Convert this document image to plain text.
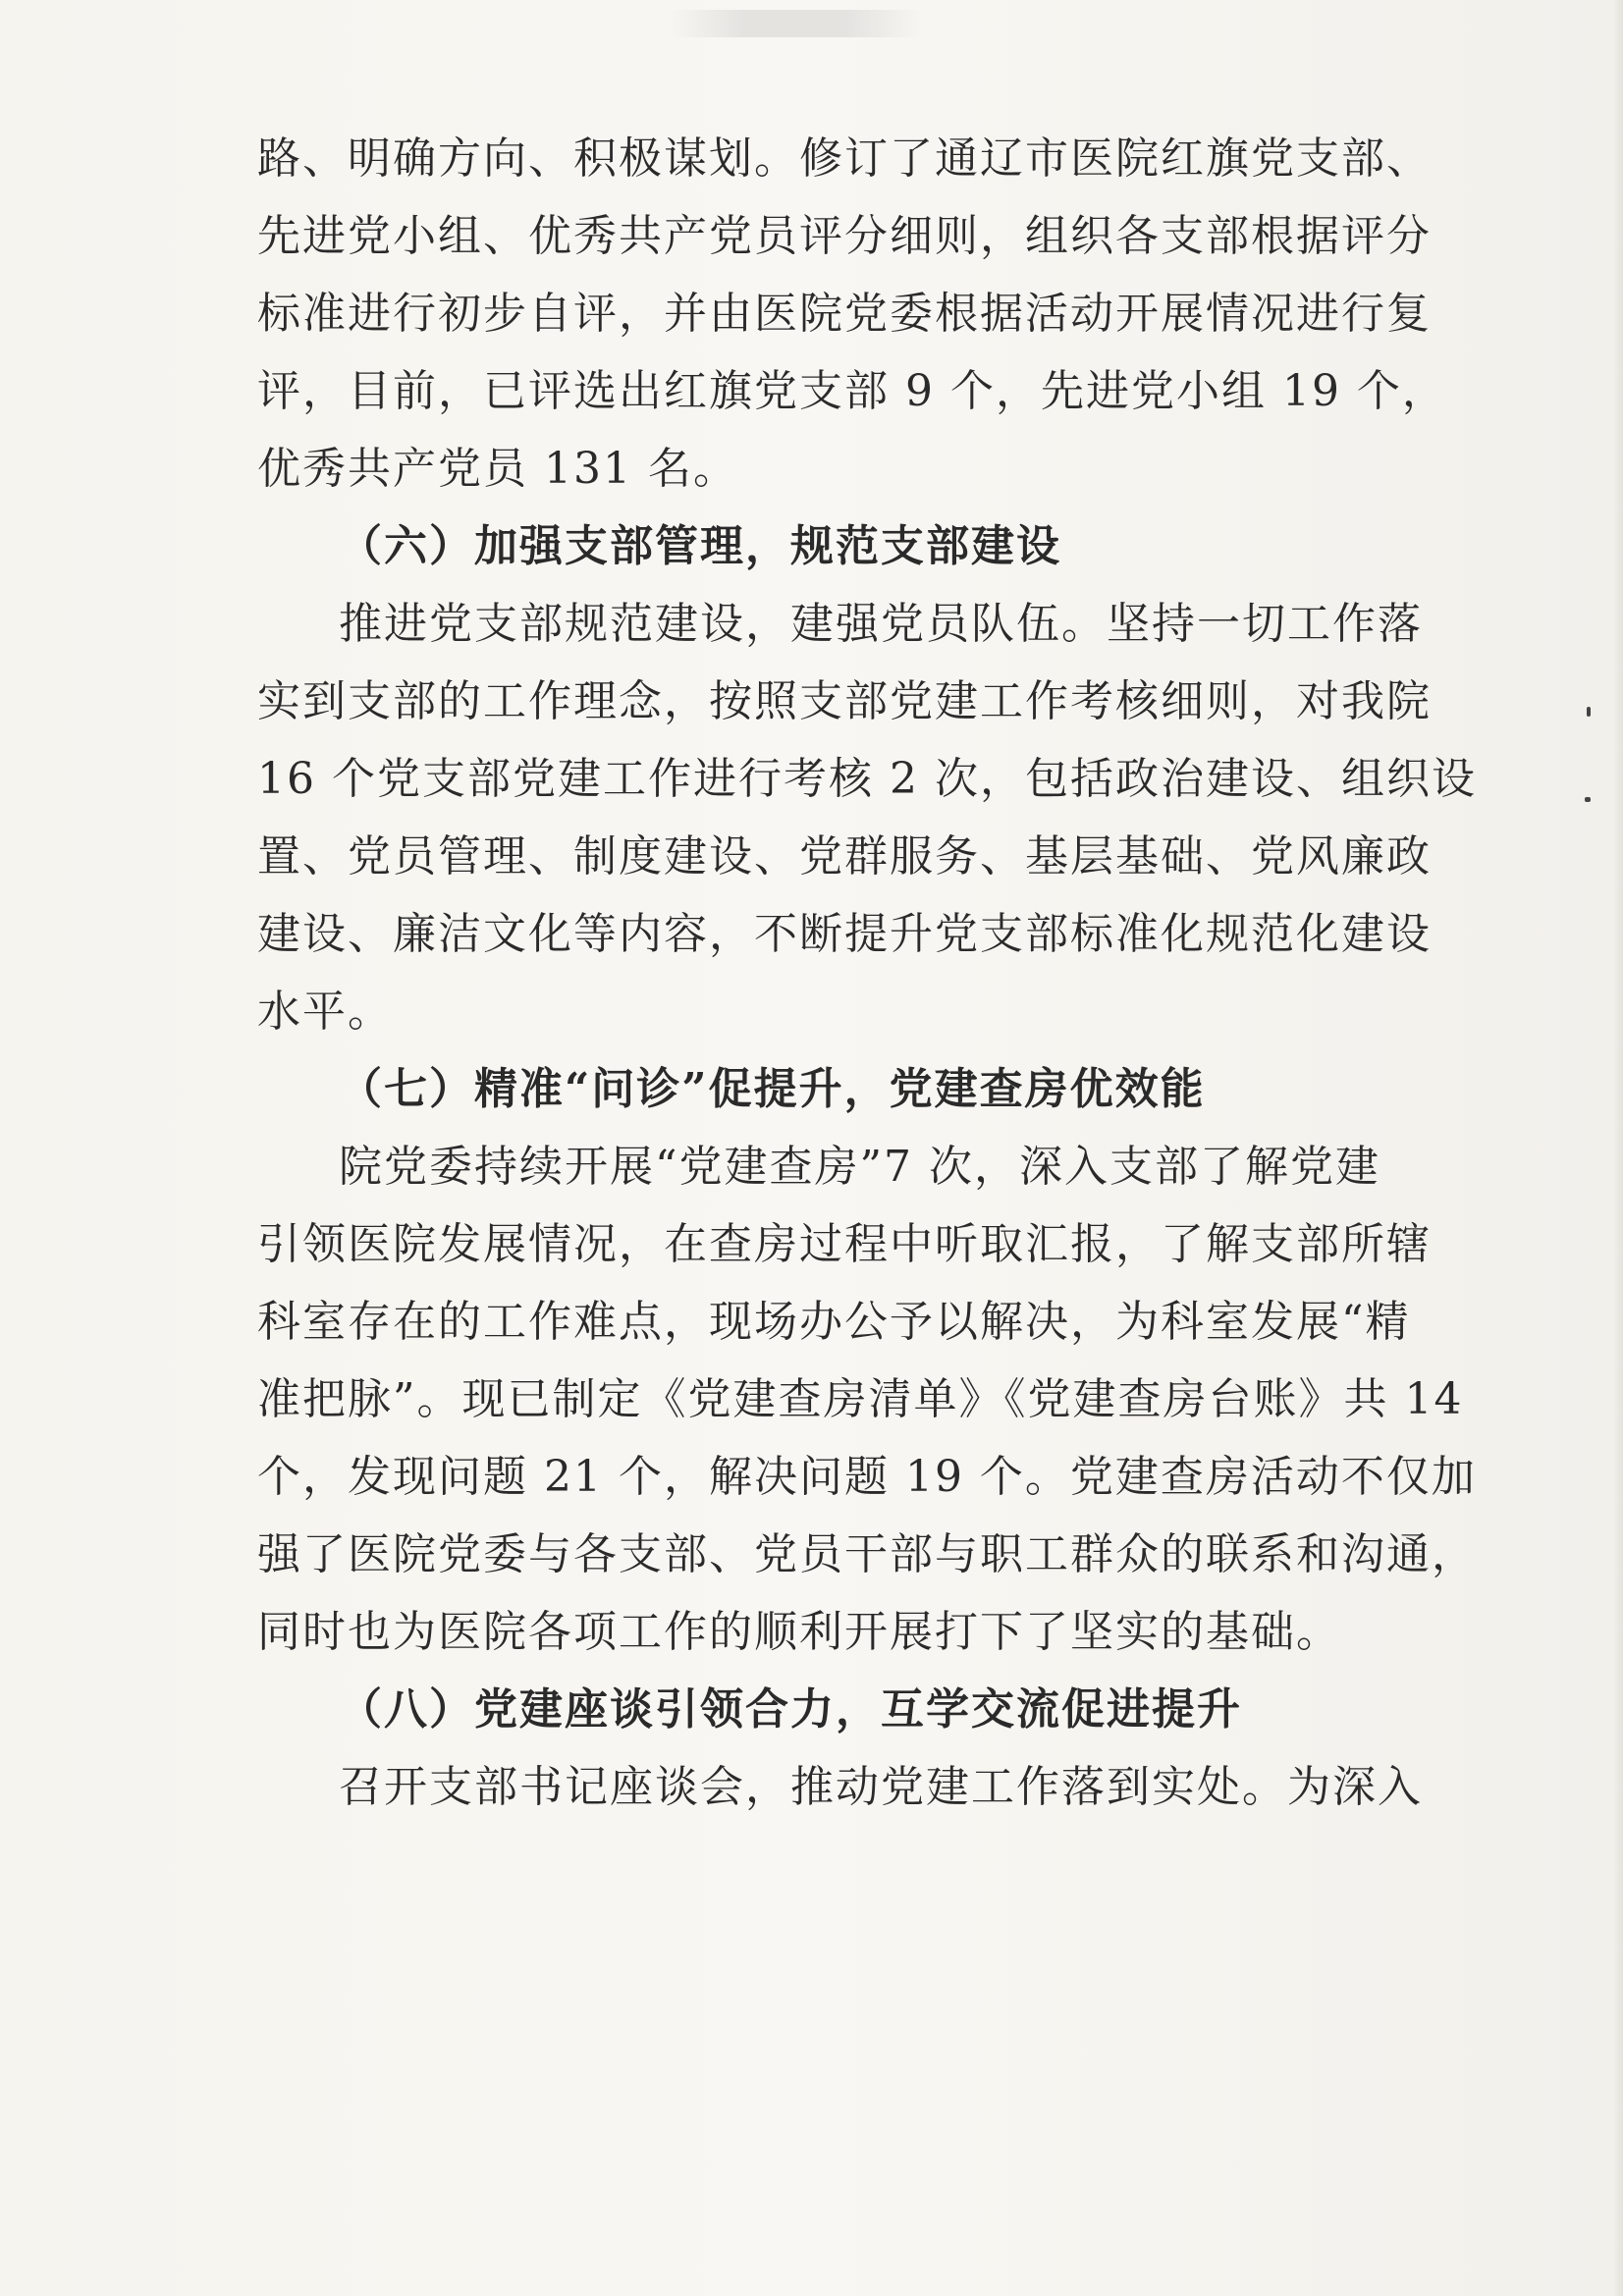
路、明确方向、积极谋划。修订了通辽市医院红旗党支部、
先进党小组、优秀共产党员评分细则，组织各支部根据评分
标准进行初步自评，并由医院党委根据活动开展情况进行复
评，目前，已评选出红旗党支部 9 个，先进党小组 19 个，
优秀共产党员 131 名。
（六）加强支部管理，规范支部建设
推进党支部规范建设，建强党员队伍。坚持一切工作落
实到支部的工作理念，按照支部党建工作考核细则，对我院
16 个党支部党建工作进行考核 2 次，包括政治建设、组织设
置、党员管理、制度建设、党群服务、基层基础、党风廉政
建设、廉洁文化等内容，不断提升党支部标准化规范化建设
水平。
（七）精准“问诊”促提升，党建查房优效能
院党委持续开展“党建查房”7 次，深入支部了解党建
引领医院发展情况，在查房过程中听取汇报，了解支部所辖
科室存在的工作难点，现场办公予以解决，为科室发展“精
准把脉”。现已制定《党建查房清单》《党建查房台账》共 14
个，发现问题 21 个，解决问题 19 个。党建查房活动不仅加
强了医院党委与各支部、党员干部与职工群众的联系和沟通，
同时也为医院各项工作的顺利开展打下了坚实的基础。
（八）党建座谈引领合力，互学交流促进提升
召开支部书记座谈会，推动党建工作落到实处。为深入
